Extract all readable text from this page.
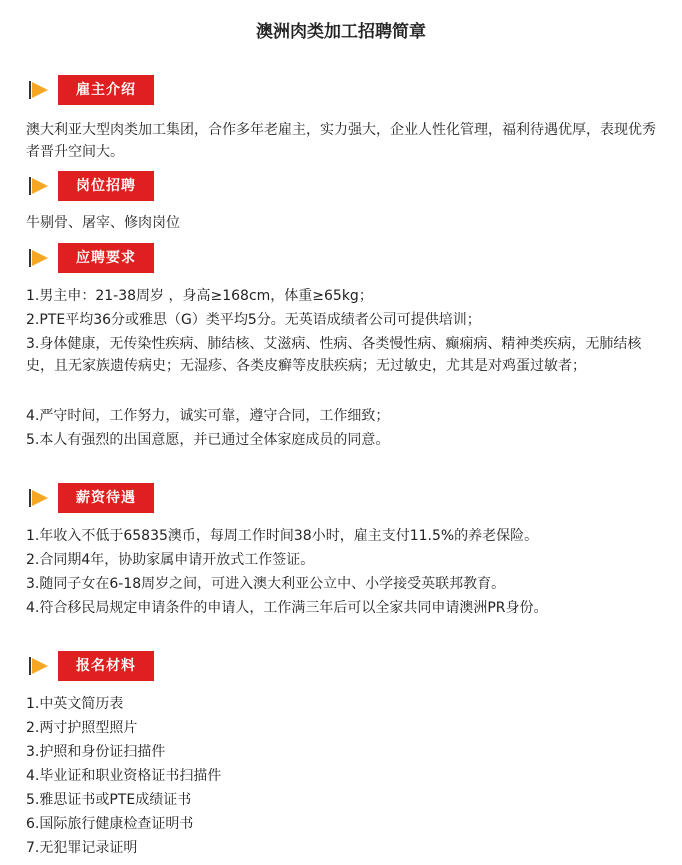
澳洲肉类加工招聘简章
雇主介绍
澳大利亚大型肉类加工集团，合作多年老雇主，实力强大，企业人性化管理，福利待遇优厚，表现优秀者晋升空间大。
岗位招聘
牛剔骨、屠宰、修肉岗位
应聘要求
1.男主申：21-38周岁 ，身高≥168cm，体重≥65kg；
2.PTE平均36分或雅思（G）类平均5分。无英语成绩者公司可提供培训；
3.身体健康，无传染性疾病、肺结核、艾滋病、性病、各类慢性病、癫痫病、精神类疾病，无肺结核史，且无家族遗传病史；无湿疹、各类皮癣等皮肤疾病；无过敏史，尤其是对鸡蛋过敏者；
4.严守时间，工作努力，诚实可靠，遵守合同，工作细致；
5.本人有强烈的出国意愿，并已通过全体家庭成员的同意。
薪资待遇
1.年收入不低于65835澳币，每周工作时间38小时，雇主支付11.5%的养老保险。
2.合同期4年，协助家属申请开放式工作签证。
3.随同子女在6-18周岁之间，可进入澳大利亚公立中、小学接受英联邦教育。
4.符合移民局规定申请条件的申请人，工作满三年后可以全家共同申请澳洲PR身份。
报名材料
1.中英文简历表
2.两寸护照型照片
3.护照和身份证扫描件
4.毕业证和职业资格证书扫描件
5.雅思证书或PTE成绩证书
6.国际旅行健康检查证明书
7.无犯罪记录证明
